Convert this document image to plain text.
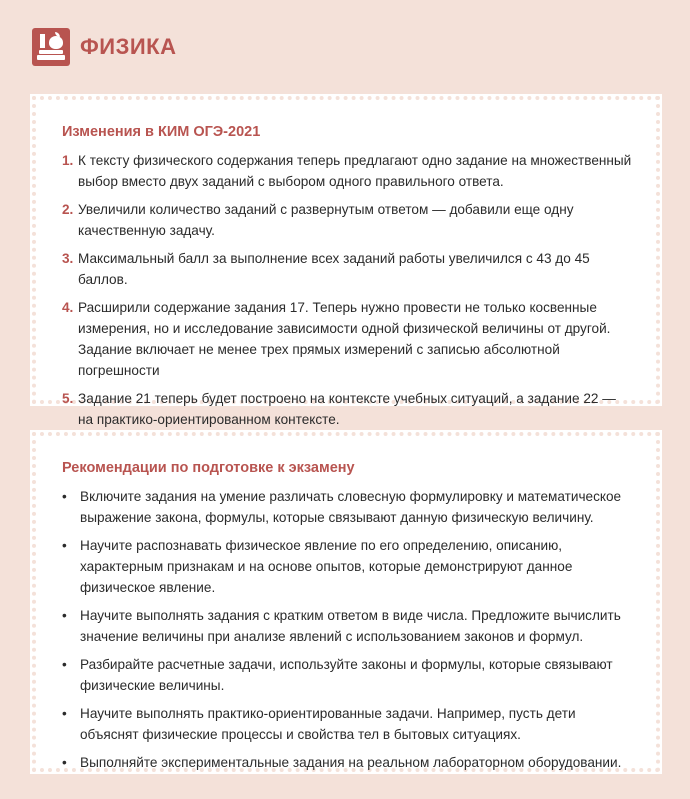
ФИЗИКА
Изменения в КИМ ОГЭ-2021
1. К тексту физического содержания теперь предлагают одно задание на множественный выбор вместо двух заданий с выбором одного правильного ответа.
2. Увеличили количество заданий с развернутым ответом — добавили еще одну качественную задачу.
3. Максимальный балл за выполнение всех заданий работы увеличился с 43 до 45 баллов.
4. Расширили содержание задания 17. Теперь нужно провести не только косвенные измерения, но и исследование зависимости одной физической величины от другой. Задание включает не менее трех прямых измерений с записью абсолютной погрешности
5. Задание 21 теперь будет построено на контексте учебных ситуаций, а задание 22 — на практико-ориентированном контексте.
Рекомендации по подготовке к экзамену
• Включите задания на умение различать словесную формулировку и математическое выражение закона, формулы, которые связывают данную физическую величину.
• Научите распознавать физическое явление по его определению, описанию, характерным признакам и на основе опытов, которые демонстрируют данное физическое явление.
• Научите выполнять задания с кратким ответом в виде числа. Предложите вычислить значение величины при анализе явлений с использованием законов и формул.
• Разбирайте расчетные задачи, используйте законы и формулы, которые связывают физические величины.
• Научите выполнять практико-ориентированные задачи. Например, пусть дети объяснят физические процессы и свойства тел в бытовых ситуациях.
• Выполняйте экспериментальные задания на реальном лабораторном оборудовании.
